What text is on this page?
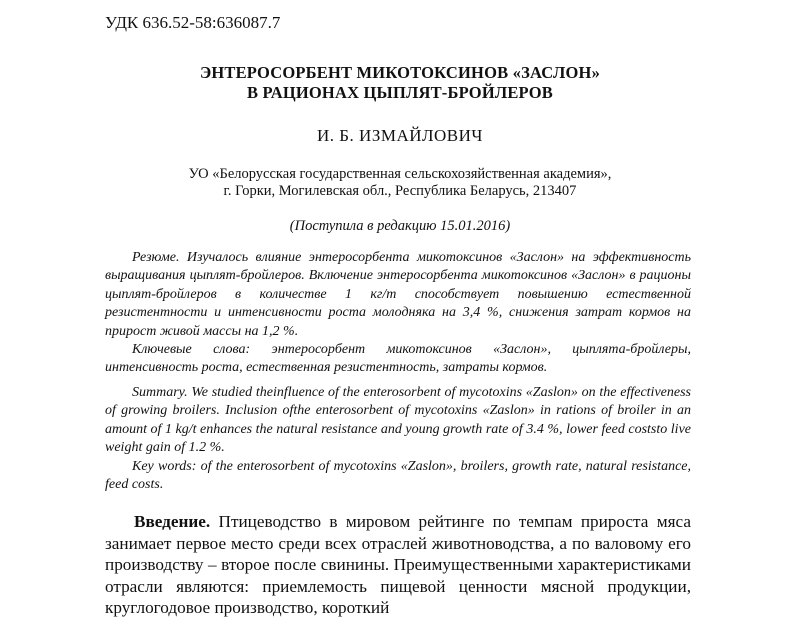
УДК 636.52-58:636087.7
ЭНТЕРОСОРБЕНТ МИКОТОКСИНОВ «ЗАСЛОН»
В РАЦИОНАХ ЦЫПЛЯТ-БРОЙЛЕРОВ
И. Б. ИЗМАЙЛОВИЧ
УО «Белорусская государственная сельскохозяйственная академия»,
г. Горки, Могилевская обл., Республика Беларусь, 213407
(Поступила в редакцию 15.01.2016)

Резюме. Изучалось влияние энтеросорбента микотоксинов «Заслон» на эффективность выращивания цыплят-бройлеров. Включение энтеросорбента микотоксинов «Заслон» в рационы цыплят-бройлеров в количестве 1 кг/т способствует повышению естественной резистентности и интенсивности роста молодняка на 3,4 %, снижения затрат кормов на прирост живой массы на 1,2 %.

Ключевые слова: энтеросорбент микотоксинов «Заслон», цыплята-бройлеры, интенсивность роста, естественная резистентность, затраты кормов.

Summary. We studied theinfluence of the enterosorbent of mycotoxins «Zaslon» on the effectiveness of growing broilers. Inclusion ofthe enterosorbent of mycotoxins «Zaslon» in rations of broiler in an amount of 1 kg/t enhances the natural resistance and young growth rate of 3.4 %, lower feed coststo live weight gain of 1.2 %.

Key words: of the enterosorbent of mycotoxins «Zaslon», broilers, growth rate, natural resistance, feed costs.

Введение. Птицеводство в мировом рейтинге по темпам прироста мяса занимает первое место среди всех отраслей животноводства, а по валовому его производству – второе после свинины. Преимущественными характеристиками отрасли являются: приемлемость пищевой ценности мясной продукции, круглогодовое производство, короткий
